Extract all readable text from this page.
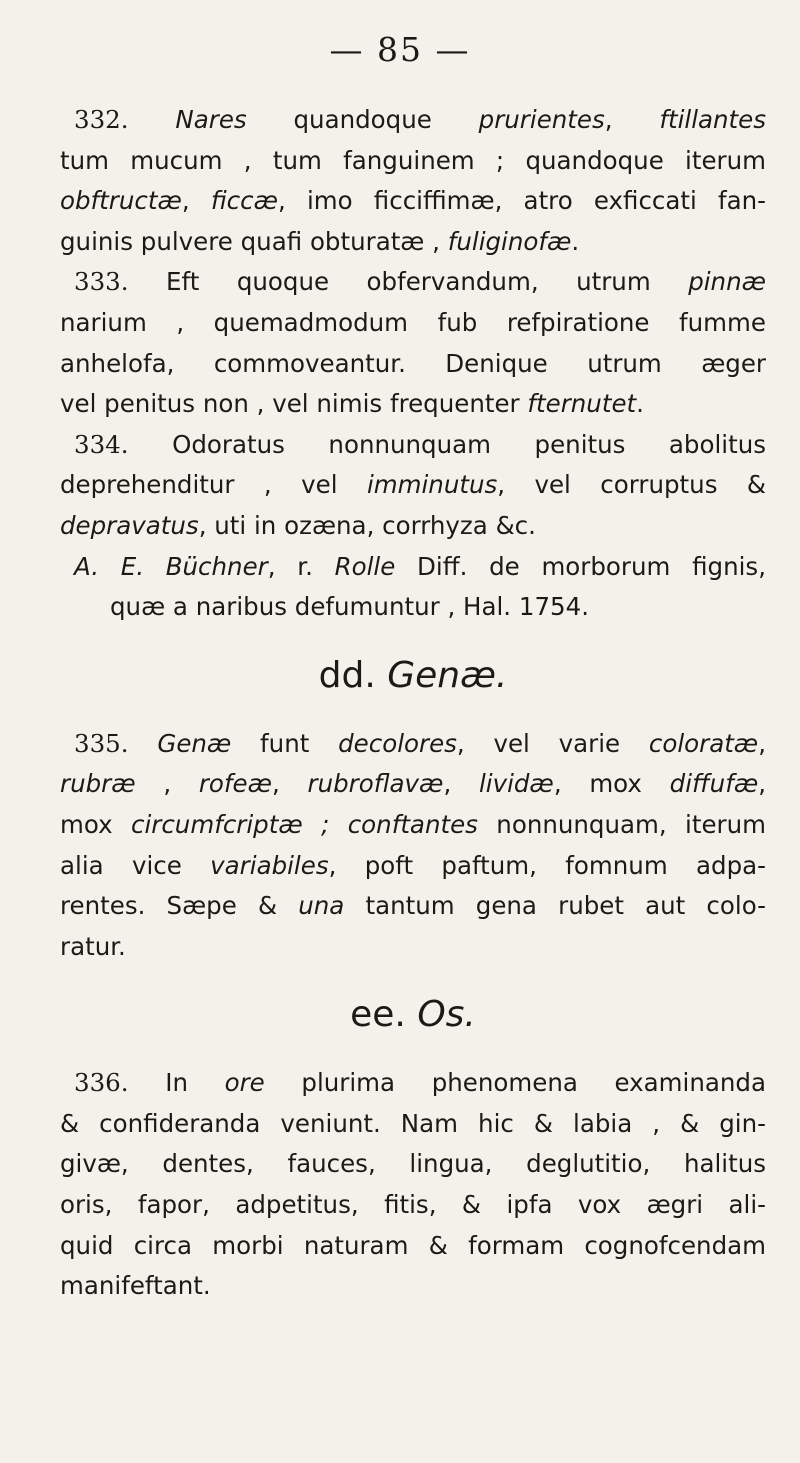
— 85 —
332. Nares quandoque prurientes, ftillantes
tum mucum , tum fanguinem ; quandoque iterum
obftructæ, ficcæ, imo ficciffimæ, atro exficcati fan-
guinis pulvere quafi obturatæ , fuliginofæ.
333. Eft quoque obfervandum, utrum pinnæ
narium , quemadmodum fub refpiratione fumme
anhelofa, commoveantur. Denique utrum æger
vel penitus non , vel nimis frequenter fternutet.
334. Odoratus nonnunquam penitus abolitus
deprehenditur , vel imminutus, vel corruptus &
depravatus, uti in ozæna, corrhyza &c.
A. E. Büchner, r. Rolle Diff. de morborum fignis,
quæ a naribus defumuntur , Hal. 1754.
dd. Genæ.
335. Genæ funt decolores, vel varie coloratæ,
rubræ , rofeæ, rubroflavæ, lividæ, mox diffufæ,
mox circumfcriptæ ; conftantes nonnunquam, iterum
alia vice variabiles, poft paftum, fomnum adpa-
rentes. Sæpe & una tantum gena rubet aut colo-
ratur.
ee. Os.
336. In ore plurima phenomena examinanda
& confideranda veniunt. Nam hic & labia , & gin-
givæ, dentes, fauces, lingua, deglutitio, halitus
oris, fapor, adpetitus, fitis, & ipfa vox ægri ali-
quid circa morbi naturam & formam cognofcendam
manifeftant.
